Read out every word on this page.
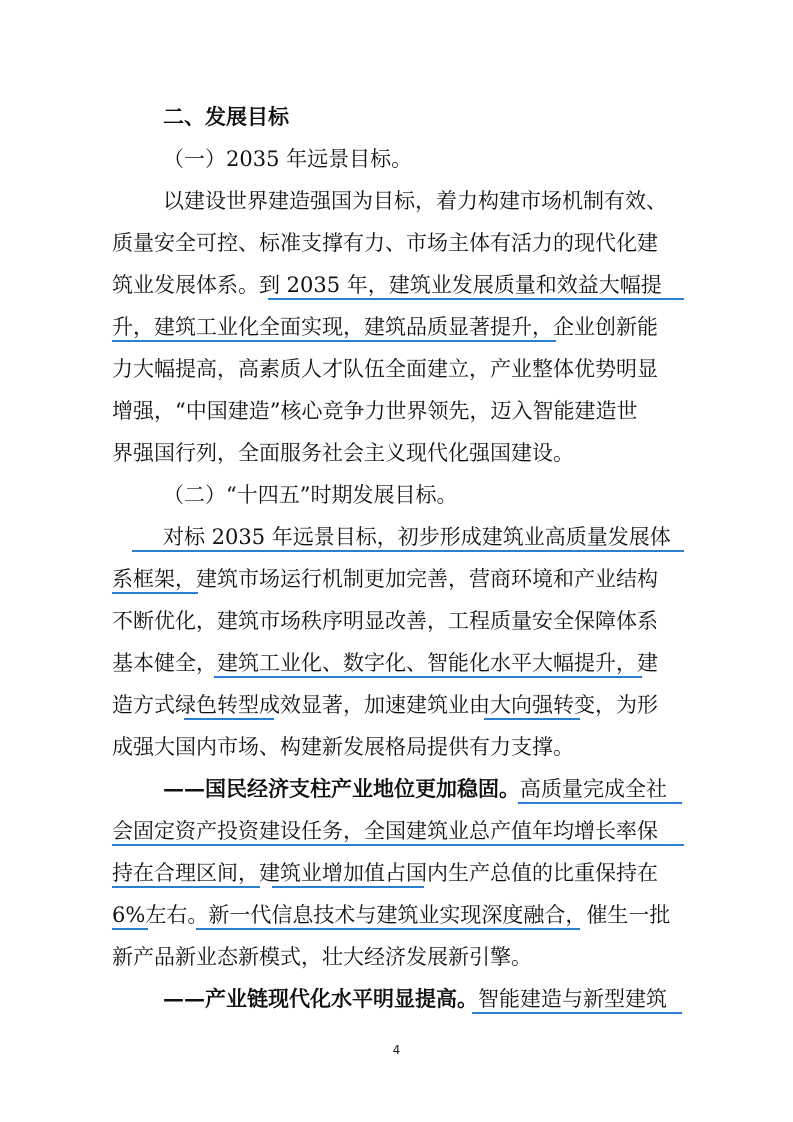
二、发展目标
（一）2035 年远景目标。
以建设世界建造强国为目标，着力构建市场机制有效、
质量安全可控、标准支撑有力、市场主体有活力的现代化建
筑业发展体系。到 2035 年，建筑业发展质量和效益大幅提
升，建筑工业化全面实现，建筑品质显著提升，企业创新能
力大幅提高，高素质人才队伍全面建立，产业整体优势明显
增强，“中国建造”核心竞争力世界领先，迈入智能建造世
界强国行列，全面服务社会主义现代化强国建设。
（二）“十四五”时期发展目标。
对标 2035 年远景目标，初步形成建筑业高质量发展体
系框架，建筑市场运行机制更加完善，营商环境和产业结构
不断优化，建筑市场秩序明显改善，工程质量安全保障体系
基本健全，建筑工业化、数字化、智能化水平大幅提升，建
造方式绿色转型成效显著，加速建筑业由大向强转变，为形
成强大国内市场、构建新发展格局提供有力支撑。
——国民经济支柱产业地位更加稳固。高质量完成全社
会固定资产投资建设任务，全国建筑业总产值年均增长率保
持在合理区间，建筑业增加值占国内生产总值的比重保持在
6%左右。新一代信息技术与建筑业实现深度融合，催生一批
新产品新业态新模式，壮大经济发展新引擎。
——产业链现代化水平明显提高。智能建造与新型建筑
4
